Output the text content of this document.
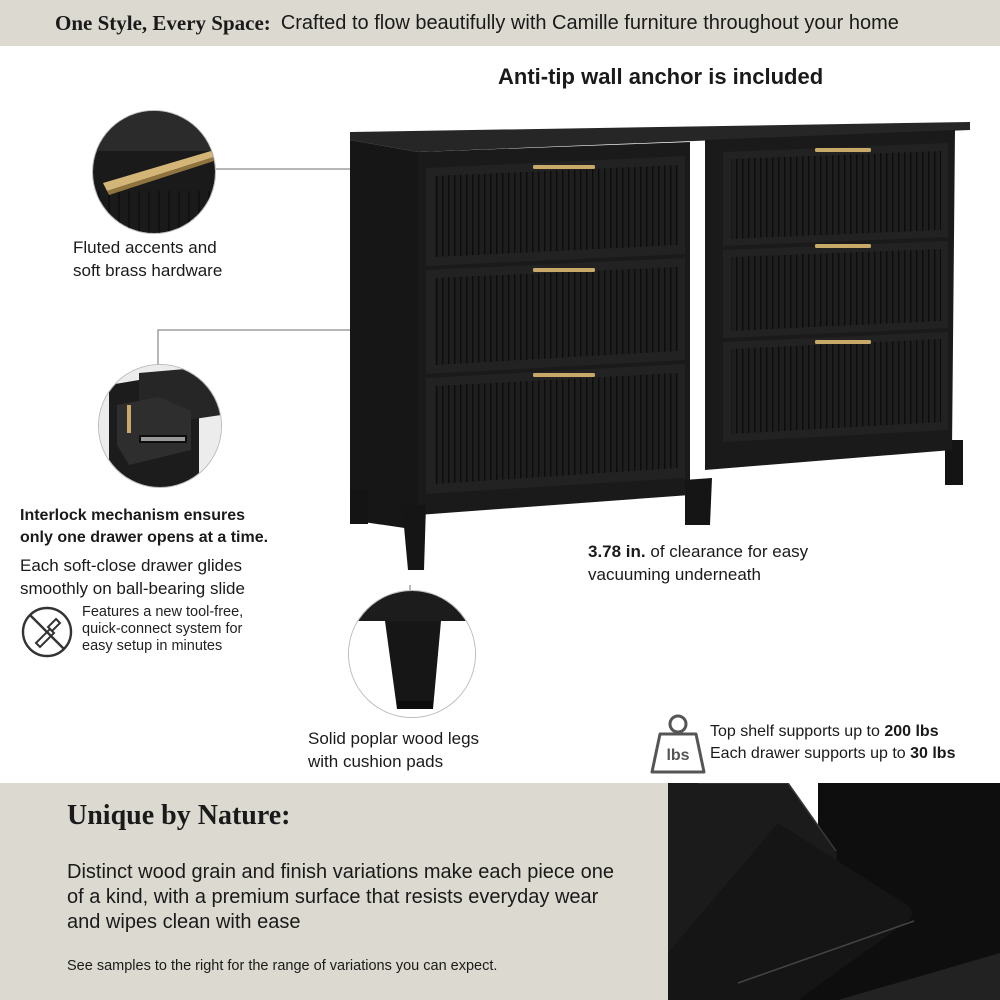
One Style, Every Space: Crafted to flow beautifully with Camille furniture throughout your home
Anti-tip wall anchor is included
Fluted accents and
soft brass hardware
Interlock mechanism ensures
only one drawer opens at a time.
Each soft-close drawer glides
smoothly on ball-bearing slide
Features a new tool-free,
quick-connect system for
easy setup in minutes
3.78 in. of clearance for easy
vacuuming underneath
Solid poplar wood legs
with cushion pads	lbs
Top shelf supports up to 200 lbs
Each drawer supports up to 30 lbs
Unique by Nature:
Distinct wood grain and finish variations make each piece one of a kind, with a premium surface that resists everyday wear and wipes clean with ease
See samples to the right for the range of variations you can expect.
